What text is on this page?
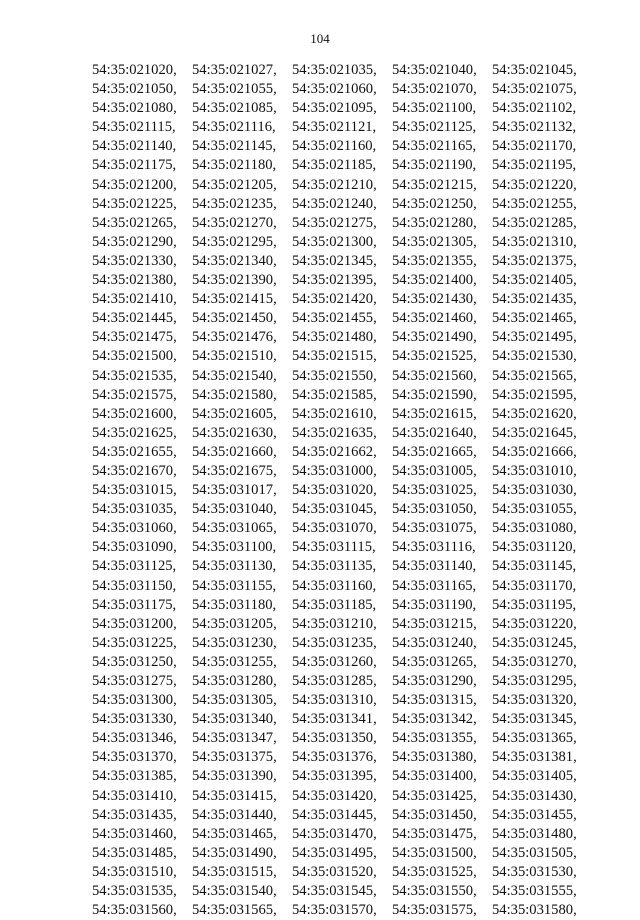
104
54:35:021020,	54:35:021027,	54:35:021035,	54:35:021040,	54:35:021045,
54:35:021050,	54:35:021055,	54:35:021060,	54:35:021070,	54:35:021075,
54:35:021080,	54:35:021085,	54:35:021095,	54:35:021100,	54:35:021102,
54:35:021115,	54:35:021116,	54:35:021121,	54:35:021125,	54:35:021132,
54:35:021140,	54:35:021145,	54:35:021160,	54:35:021165,	54:35:021170,
54:35:021175,	54:35:021180,	54:35:021185,	54:35:021190,	54:35:021195,
54:35:021200,	54:35:021205,	54:35:021210,	54:35:021215,	54:35:021220,
54:35:021225,	54:35:021235,	54:35:021240,	54:35:021250,	54:35:021255,
54:35:021265,	54:35:021270,	54:35:021275,	54:35:021280,	54:35:021285,
54:35:021290,	54:35:021295,	54:35:021300,	54:35:021305,	54:35:021310,
54:35:021330,	54:35:021340,	54:35:021345,	54:35:021355,	54:35:021375,
54:35:021380,	54:35:021390,	54:35:021395,	54:35:021400,	54:35:021405,
54:35:021410,	54:35:021415,	54:35:021420,	54:35:021430,	54:35:021435,
54:35:021445,	54:35:021450,	54:35:021455,	54:35:021460,	54:35:021465,
54:35:021475,	54:35:021476,	54:35:021480,	54:35:021490,	54:35:021495,
54:35:021500,	54:35:021510,	54:35:021515,	54:35:021525,	54:35:021530,
54:35:021535,	54:35:021540,	54:35:021550,	54:35:021560,	54:35:021565,
54:35:021575,	54:35:021580,	54:35:021585,	54:35:021590,	54:35:021595,
54:35:021600,	54:35:021605,	54:35:021610,	54:35:021615,	54:35:021620,
54:35:021625,	54:35:021630,	54:35:021635,	54:35:021640,	54:35:021645,
54:35:021655,	54:35:021660,	54:35:021662,	54:35:021665,	54:35:021666,
54:35:021670,	54:35:021675,	54:35:031000,	54:35:031005,	54:35:031010,
54:35:031015,	54:35:031017,	54:35:031020,	54:35:031025,	54:35:031030,
54:35:031035,	54:35:031040,	54:35:031045,	54:35:031050,	54:35:031055,
54:35:031060,	54:35:031065,	54:35:031070,	54:35:031075,	54:35:031080,
54:35:031090,	54:35:031100,	54:35:031115,	54:35:031116,	54:35:031120,
54:35:031125,	54:35:031130,	54:35:031135,	54:35:031140,	54:35:031145,
54:35:031150,	54:35:031155,	54:35:031160,	54:35:031165,	54:35:031170,
54:35:031175,	54:35:031180,	54:35:031185,	54:35:031190,	54:35:031195,
54:35:031200,	54:35:031205,	54:35:031210,	54:35:031215,	54:35:031220,
54:35:031225,	54:35:031230,	54:35:031235,	54:35:031240,	54:35:031245,
54:35:031250,	54:35:031255,	54:35:031260,	54:35:031265,	54:35:031270,
54:35:031275,	54:35:031280,	54:35:031285,	54:35:031290,	54:35:031295,
54:35:031300,	54:35:031305,	54:35:031310,	54:35:031315,	54:35:031320,
54:35:031330,	54:35:031340,	54:35:031341,	54:35:031342,	54:35:031345,
54:35:031346,	54:35:031347,	54:35:031350,	54:35:031355,	54:35:031365,
54:35:031370,	54:35:031375,	54:35:031376,	54:35:031380,	54:35:031381,
54:35:031385,	54:35:031390,	54:35:031395,	54:35:031400,	54:35:031405,
54:35:031410,	54:35:031415,	54:35:031420,	54:35:031425,	54:35:031430,
54:35:031435,	54:35:031440,	54:35:031445,	54:35:031450,	54:35:031455,
54:35:031460,	54:35:031465,	54:35:031470,	54:35:031475,	54:35:031480,
54:35:031485,	54:35:031490,	54:35:031495,	54:35:031500,	54:35:031505,
54:35:031510,	54:35:031515,	54:35:031520,	54:35:031525,	54:35:031530,
54:35:031535,	54:35:031540,	54:35:031545,	54:35:031550,	54:35:031555,
54:35:031560,	54:35:031565,	54:35:031570,	54:35:031575,	54:35:031580,
